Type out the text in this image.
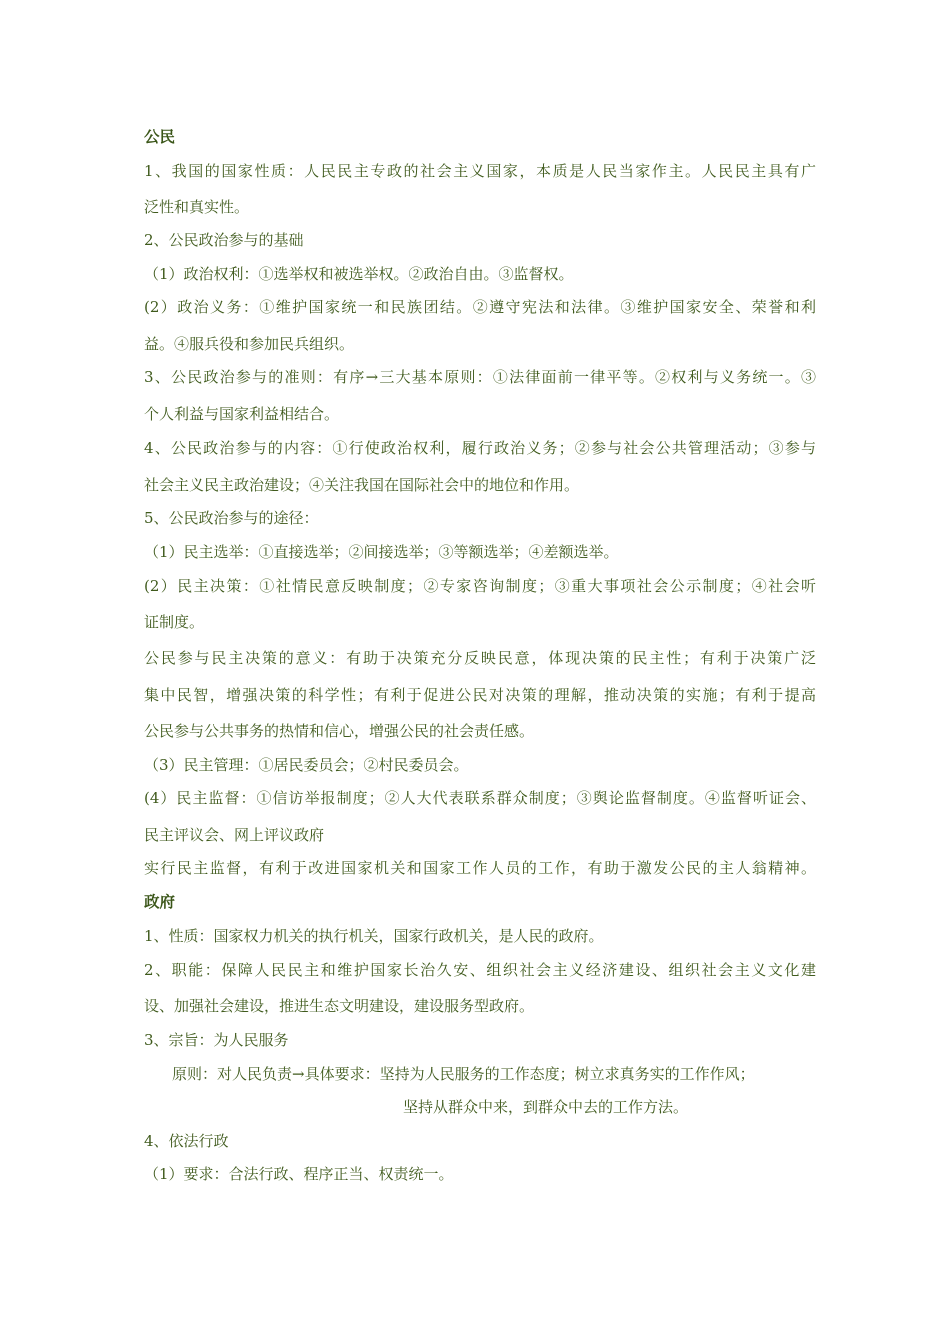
公民
1、我国的国家性质：人民民主专政的社会主义国家，本质是人民当家作主。人民民主具有广
泛性和真实性。
2、公民政治参与的基础
（1）政治权利：①选举权和被选举权。②政治自由。③监督权。
(2）政治义务：①维护国家统一和民族团结。②遵守宪法和法律。③维护国家安全、荣誉和利
益。④服兵役和参加民兵组织。
3、公民政治参与的准则：有序→三大基本原则：①法律面前一律平等。②权利与义务统一。③
个人利益与国家利益相结合。
4、公民政治参与的内容：①行使政治权利，履行政治义务；②参与社会公共管理活动；③参与
社会主义民主政治建设；④关注我国在国际社会中的地位和作用。
5、公民政治参与的途径：
（1）民主选举：①直接选举；②间接选举；③等额选举；④差额选举。
(2）民主决策：①社情民意反映制度；②专家咨询制度；③重大事项社会公示制度；④社会听
证制度。
公民参与民主决策的意义：有助于决策充分反映民意，体现决策的民主性；有利于决策广泛
集中民智，增强决策的科学性；有利于促进公民对决策的理解，推动决策的实施；有利于提高
公民参与公共事务的热情和信心，增强公民的社会责任感。
（3）民主管理：①居民委员会；②村民委员会。
(4）民主监督：①信访举报制度；②人大代表联系群众制度；③舆论监督制度。④监督听证会、
民主评议会、网上评议政府
实行民主监督，有利于改进国家机关和国家工作人员的工作，有助于激发公民的主人翁精神。
政府
1、性质：国家权力机关的执行机关，国家行政机关，是人民的政府。
2、职能：保障人民民主和维护国家长治久安、组织社会主义经济建设、组织社会主义文化建
设、加强社会建设，推进生态文明建设，建设服务型政府。
3、宗旨：为人民服务
原则：对人民负责→具体要求：坚持为人民服务的工作态度；树立求真务实的工作作风；
坚持从群众中来，到群众中去的工作方法。
4、依法行政
（1）要求：合法行政、程序正当、权责统一。
